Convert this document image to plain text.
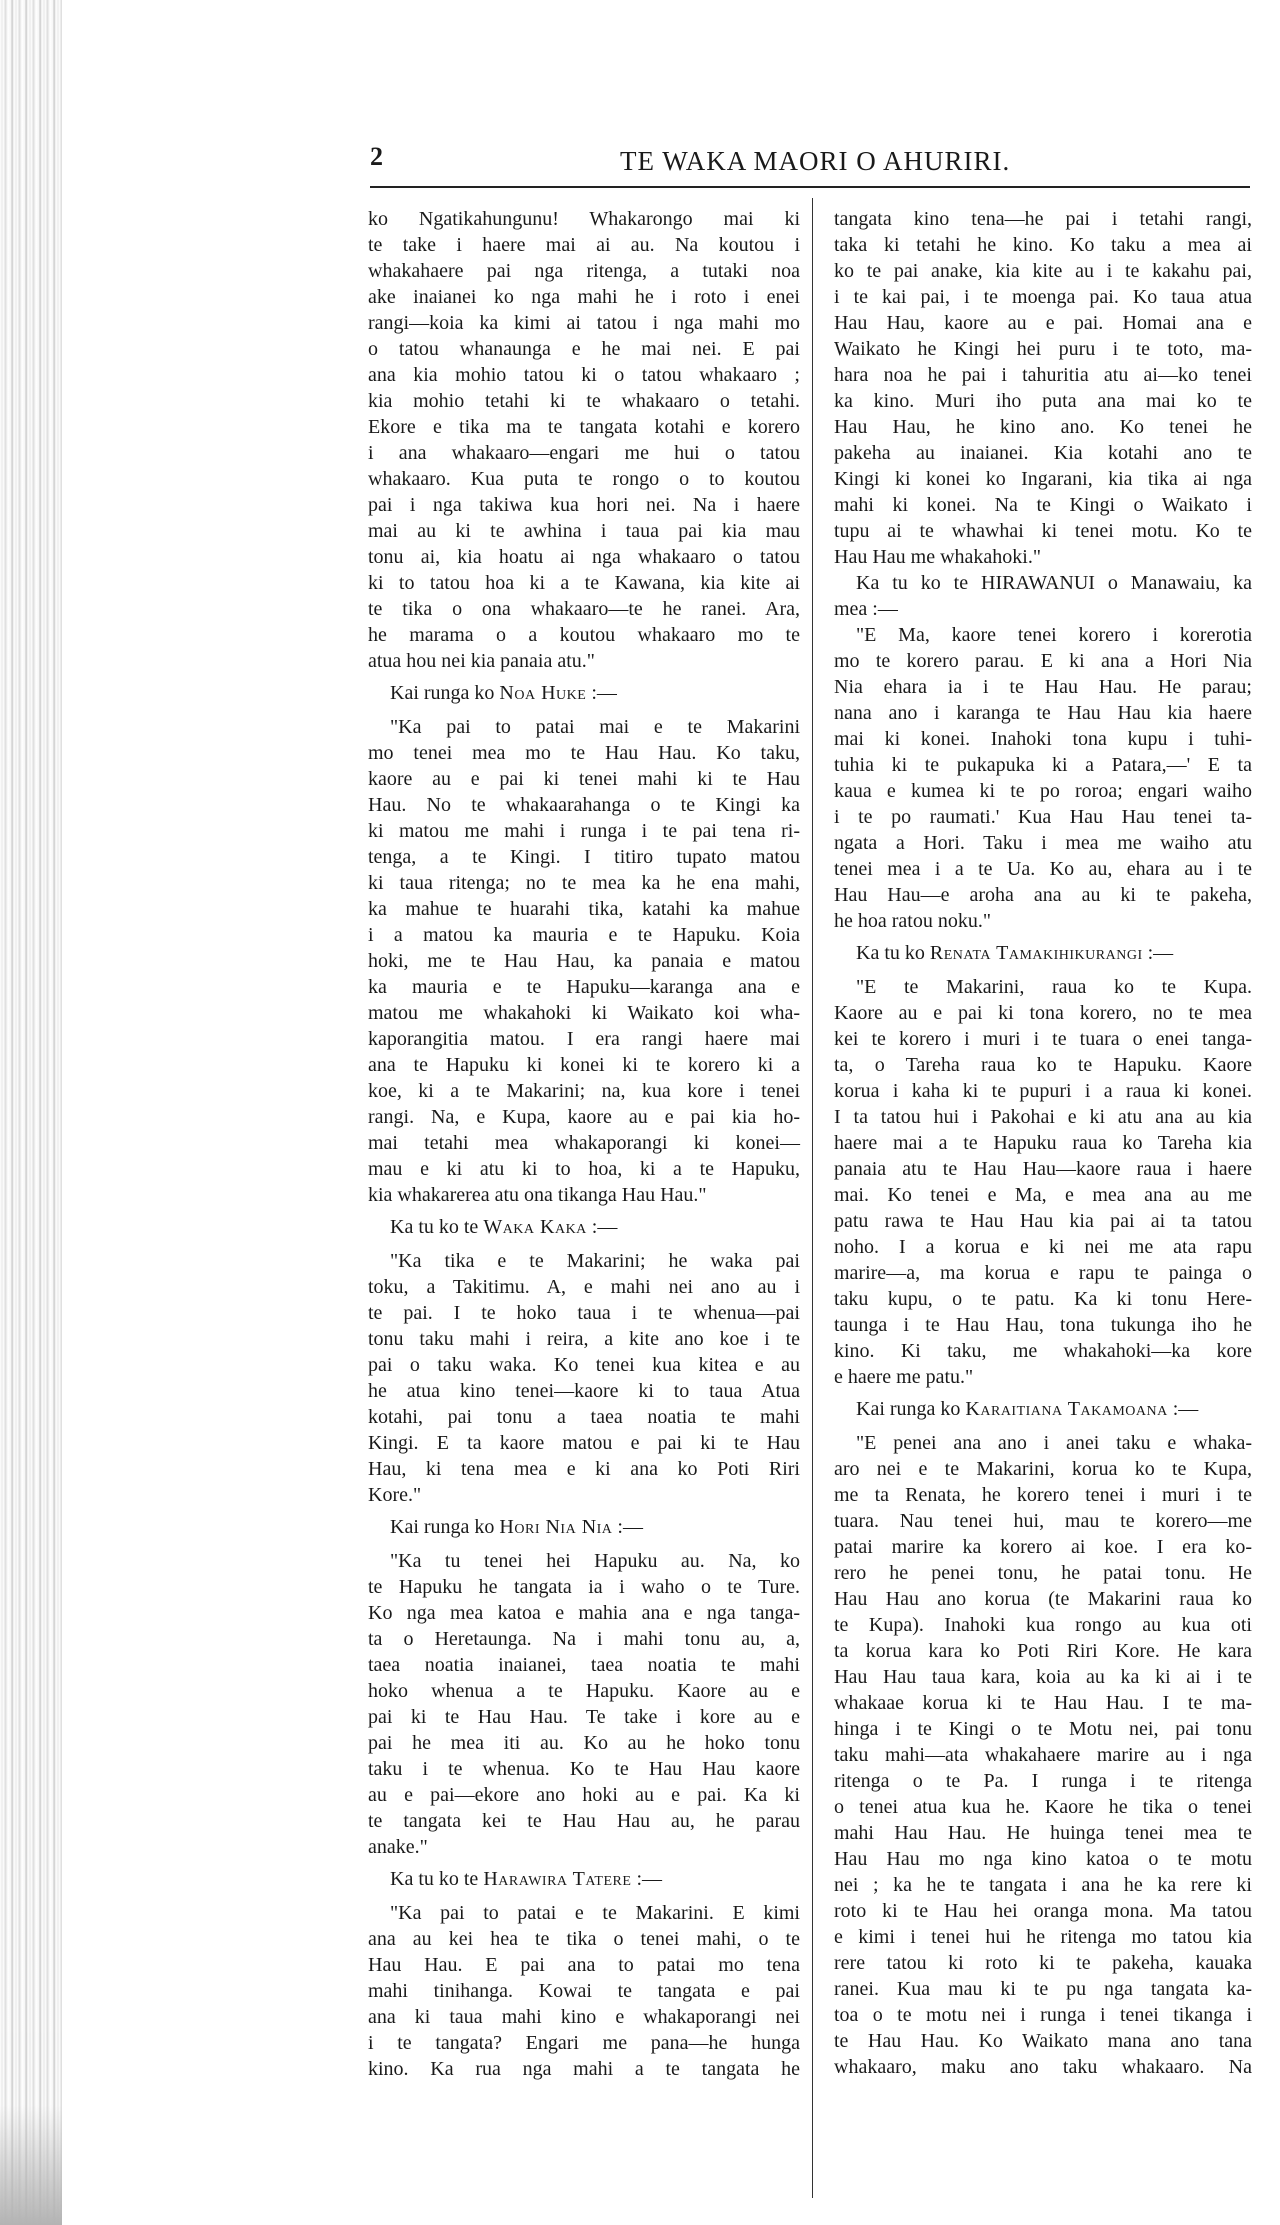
2	TE WAKA MAORI O AHURIRI.
ko Ngatikahungunu! Whakarongo mai ki
te take i haere mai ai au. Na koutou i
whakahaere pai nga ritenga, a tutaki noa
ake inaianei ko nga mahi he i roto i enei
rangi—koia ka kimi ai tatou i nga mahi mo
o tatou whanaunga e he mai nei. E pai
ana kia mohio tatou ki o tatou whakaaro ;
kia mohio tetahi ki te whakaaro o tetahi.
Ekore e tika ma te tangata kotahi e korero
i ana whakaaro—engari me hui o tatou
whakaaro. Kua puta te rongo o to koutou
pai i nga takiwa kua hori nei. Na i haere
mai au ki te awhina i taua pai kia mau
tonu ai, kia hoatu ai nga whakaaro o tatou
ki to tatou hoa ki a te Kawana, kia kite ai
te tika o ona whakaaro—te he ranei. Ara,
he marama o a koutou whakaaro mo te
atua hou nei kia panaia atu."
Kai runga ko Noa Huke :—
"Ka pai to patai mai e te Makarini
mo tenei mea mo te Hau Hau. Ko taku,
kaore au e pai ki tenei mahi ki te Hau
Hau. No te whakaarahanga o te Kingi ka
ki matou me mahi i runga i te pai tena ri-
tenga, a te Kingi. I titiro tupato matou
ki taua ritenga; no te mea ka he ena mahi,
ka mahue te huarahi tika, katahi ka mahue
i a matou ka mauria e te Hapuku. Koia
hoki, me te Hau Hau, ka panaia e matou
ka mauria e te Hapuku—karanga ana e
matou me whakahoki ki Waikato koi wha-
kaporangitia matou. I era rangi haere mai
ana te Hapuku ki konei ki te korero ki a
koe, ki a te Makarini; na, kua kore i tenei
rangi. Na, e Kupa, kaore au e pai kia ho-
mai tetahi mea whakaporangi ki konei—
mau e ki atu ki to hoa, ki a te Hapuku,
kia whakarerea atu ona tikanga Hau Hau."
Ka tu ko te Waka Kaka :—
"Ka tika e te Makarini; he waka pai
toku, a Takitimu. A, e mahi nei ano au i
te pai. I te hoko taua i te whenua—pai
tonu taku mahi i reira, a kite ano koe i te
pai o taku waka. Ko tenei kua kitea e au
he atua kino tenei—kaore ki to taua Atua
kotahi, pai tonu a taea noatia te mahi
Kingi. E ta kaore matou e pai ki te Hau
Hau, ki tena mea e ki ana ko Poti Riri
Kore."
Kai runga ko Hori Nia Nia :—
"Ka tu tenei hei Hapuku au. Na, ko
te Hapuku he tangata ia i waho o te Ture.
Ko nga mea katoa e mahia ana e nga tanga-
ta o Heretaunga. Na i mahi tonu au, a,
taea noatia inaianei, taea noatia te mahi
hoko whenua a te Hapuku. Kaore au e
pai ki te Hau Hau. Te take i kore au e
pai he mea iti au. Ko au he hoko tonu
taku i te whenua. Ko te Hau Hau kaore
au e pai—ekore ano hoki au e pai. Ka ki
te tangata kei te Hau Hau au, he parau
anake."
Ka tu ko te Harawira Tatere :—
"Ka pai to patai e te Makarini. E kimi
ana au kei hea te tika o tenei mahi, o te
Hau Hau. E pai ana to patai mo tena
mahi tinihanga. Kowai te tangata e pai
ana ki taua mahi kino e whakaporangi nei
i te tangata? Engari me pana—he hunga
kino. Ka rua nga mahi a te tangata he
tangata kino tena—he pai i tetahi rangi,
taka ki tetahi he kino. Ko taku a mea ai
ko te pai anake, kia kite au i te kakahu pai,
i te kai pai, i te moenga pai. Ko taua atua
Hau Hau, kaore au e pai. Homai ana e
Waikato he Kingi hei puru i te toto, ma-
hara noa he pai i tahuritia atu ai—ko tenei
ka kino. Muri iho puta ana mai ko te
Hau Hau, he kino ano. Ko tenei he
pakeha au inaianei. Kia kotahi ano te
Kingi ki konei ko Ingarani, kia tika ai nga
mahi ki konei. Na te Kingi o Waikato i
tupu ai te whawhai ki tenei motu. Ko te
Hau Hau me whakahoki."
Ka tu ko te HIRAWANUI o Manawaiu, ka
mea :—
"E Ma, kaore tenei korero i korerotia
mo te korero parau. E ki ana a Hori Nia
Nia ehara ia i te Hau Hau. He parau;
nana ano i karanga te Hau Hau kia haere
mai ki konei. Inahoki tona kupu i tuhi-
tuhia ki te pukapuka ki a Patara,—' E ta
kaua e kumea ki te po roroa; engari waiho
i te po raumati.' Kua Hau Hau tenei ta-
ngata a Hori. Taku i mea me waiho atu
tenei mea i a te Ua. Ko au, ehara au i te
Hau Hau—e aroha ana au ki te pakeha,
he hoa ratou noku."
Ka tu ko Renata Tamakihikurangi :—
"E te Makarini, raua ko te Kupa.
Kaore au e pai ki tona korero, no te mea
kei te korero i muri i te tuara o enei tanga-
ta, o Tareha raua ko te Hapuku. Kaore
korua i kaha ki te pupuri i a raua ki konei.
I ta tatou hui i Pakohai e ki atu ana au kia
haere mai a te Hapuku raua ko Tareha kia
panaia atu te Hau Hau—kaore raua i haere
mai. Ko tenei e Ma, e mea ana au me
patu rawa te Hau Hau kia pai ai ta tatou
noho. I a korua e ki nei me ata rapu
marire—a, ma korua e rapu te painga o
taku kupu, o te patu. Ka ki tonu Here-
taunga i te Hau Hau, tona tukunga iho he
kino. Ki taku, me whakahoki—ka kore
e haere me patu."
Kai runga ko Karaitiana Takamoana :—
"E penei ana ano i anei taku e whaka-
aro nei e te Makarini, korua ko te Kupa,
me ta Renata, he korero tenei i muri i te
tuara. Nau tenei hui, mau te korero—me
patai marire ka korero ai koe. I era ko-
rero he penei tonu, he patai tonu. He
Hau Hau ano korua (te Makarini raua ko
te Kupa). Inahoki kua rongo au kua oti
ta korua kara ko Poti Riri Kore. He kara
Hau Hau taua kara, koia au ka ki ai i te
whakaae korua ki te Hau Hau. I te ma-
hinga i te Kingi o te Motu nei, pai tonu
taku mahi—ata whakahaere marire au i nga
ritenga o te Pa. I runga i te ritenga
o tenei atua kua he. Kaore he tika o tenei
mahi Hau Hau. He huinga tenei mea te
Hau Hau mo nga kino katoa o te motu
nei ; ka he te tangata i ana he ka rere ki
roto ki te Hau hei oranga mona. Ma tatou
e kimi i tenei hui he ritenga mo tatou kia
rere tatou ki roto ki te pakeha, kauaka
ranei. Kua mau ki te pu nga tangata ka-
toa o te motu nei i runga i tenei tikanga i
te Hau Hau. Ko Waikato mana ano tana
whakaaro, maku ano taku whakaaro. Na
